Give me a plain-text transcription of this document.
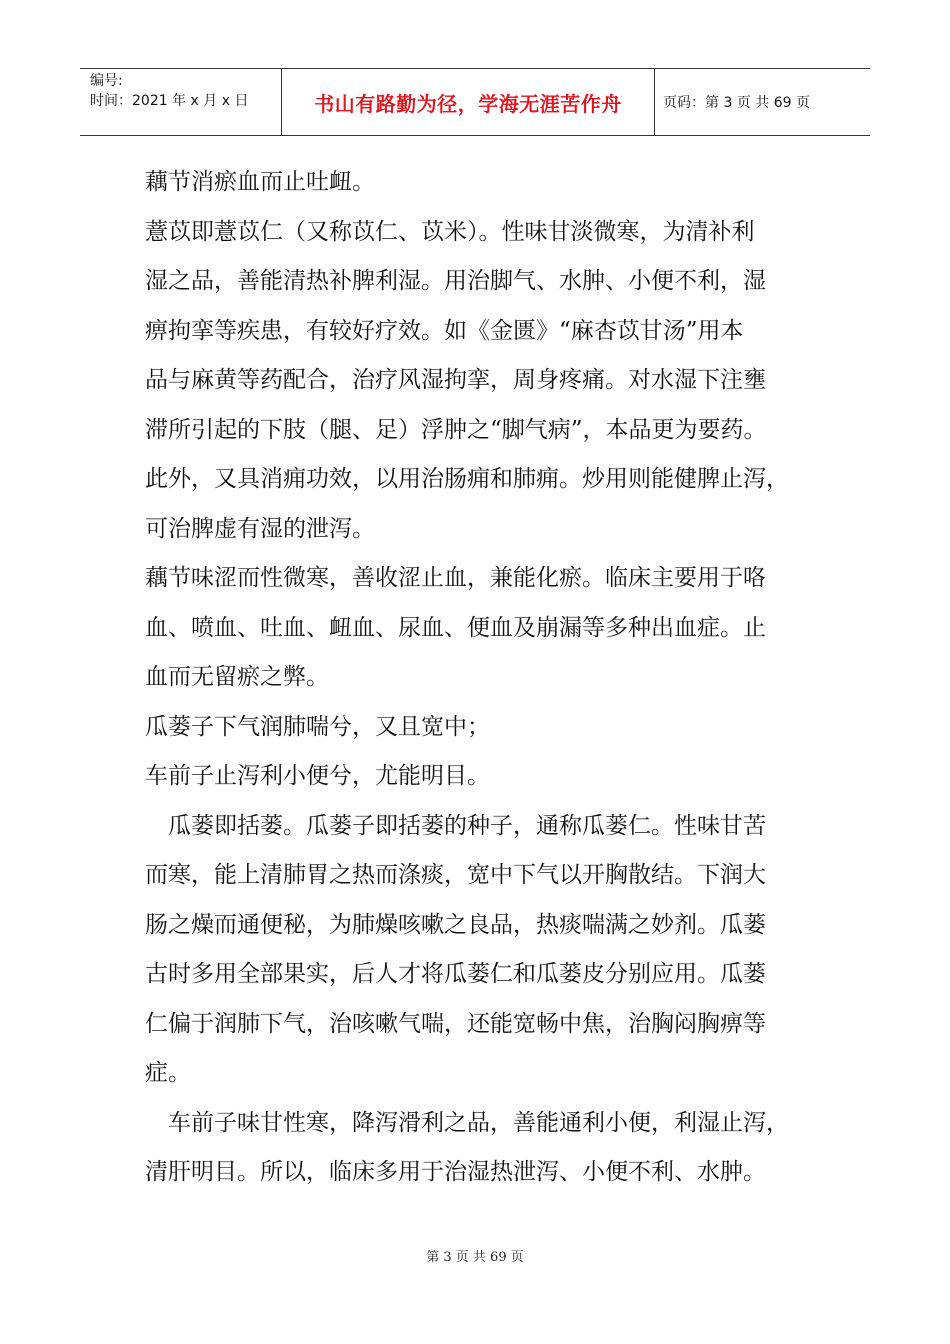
编号:
时间：2021 年 x 月 x 日	书山有路勤为径，学海无涯苦作舟	页码：第 3 页 共 69 页

藕节消瘀血而止吐衄。

薏苡即薏苡仁（又称苡仁、苡米）。性味甘淡微寒，为清补利

湿之品，善能清热补脾利湿。用治脚气、水肿、小便不利，湿

痹拘挛等疾患，有较好疗效。如《金匮》“麻杏苡甘汤”用本

品与麻黄等药配合，治疗风湿拘挛，周身疼痛。对水湿下注壅

滞所引起的下肢（腿、足）浮肿之“脚气病”，本品更为要药。

此外，又具消痈功效，以用治肠痈和肺痈。炒用则能健脾止泻，

可治脾虚有湿的泄泻。

藕节味涩而性微寒，善收涩止血，兼能化瘀。临床主要用于咯

血、喷血、吐血、衄血、尿血、便血及崩漏等多种出血症。止

血而无留瘀之弊。

瓜蒌子下气润肺喘兮，又且宽中；

车前子止泻利小便兮，尤能明目。

　瓜蒌即括蒌。瓜蒌子即括蒌的种子，通称瓜蒌仁。性味甘苦

而寒，能上清肺胃之热而涤痰，宽中下气以开胸散结。下润大

肠之燥而通便秘，为肺燥咳嗽之良品，热痰喘满之妙剂。瓜蒌

古时多用全部果实，后人才将瓜蒌仁和瓜蒌皮分别应用。瓜蒌

仁偏于润肺下气，治咳嗽气喘，还能宽畅中焦，治胸闷胸痹等

症。

　车前子味甘性寒，降泻滑利之品，善能通利小便，利湿止泻，

清肝明目。所以，临床多用于治湿热泄泻、小便不利、水肿。

第 3 页 共 69 页
